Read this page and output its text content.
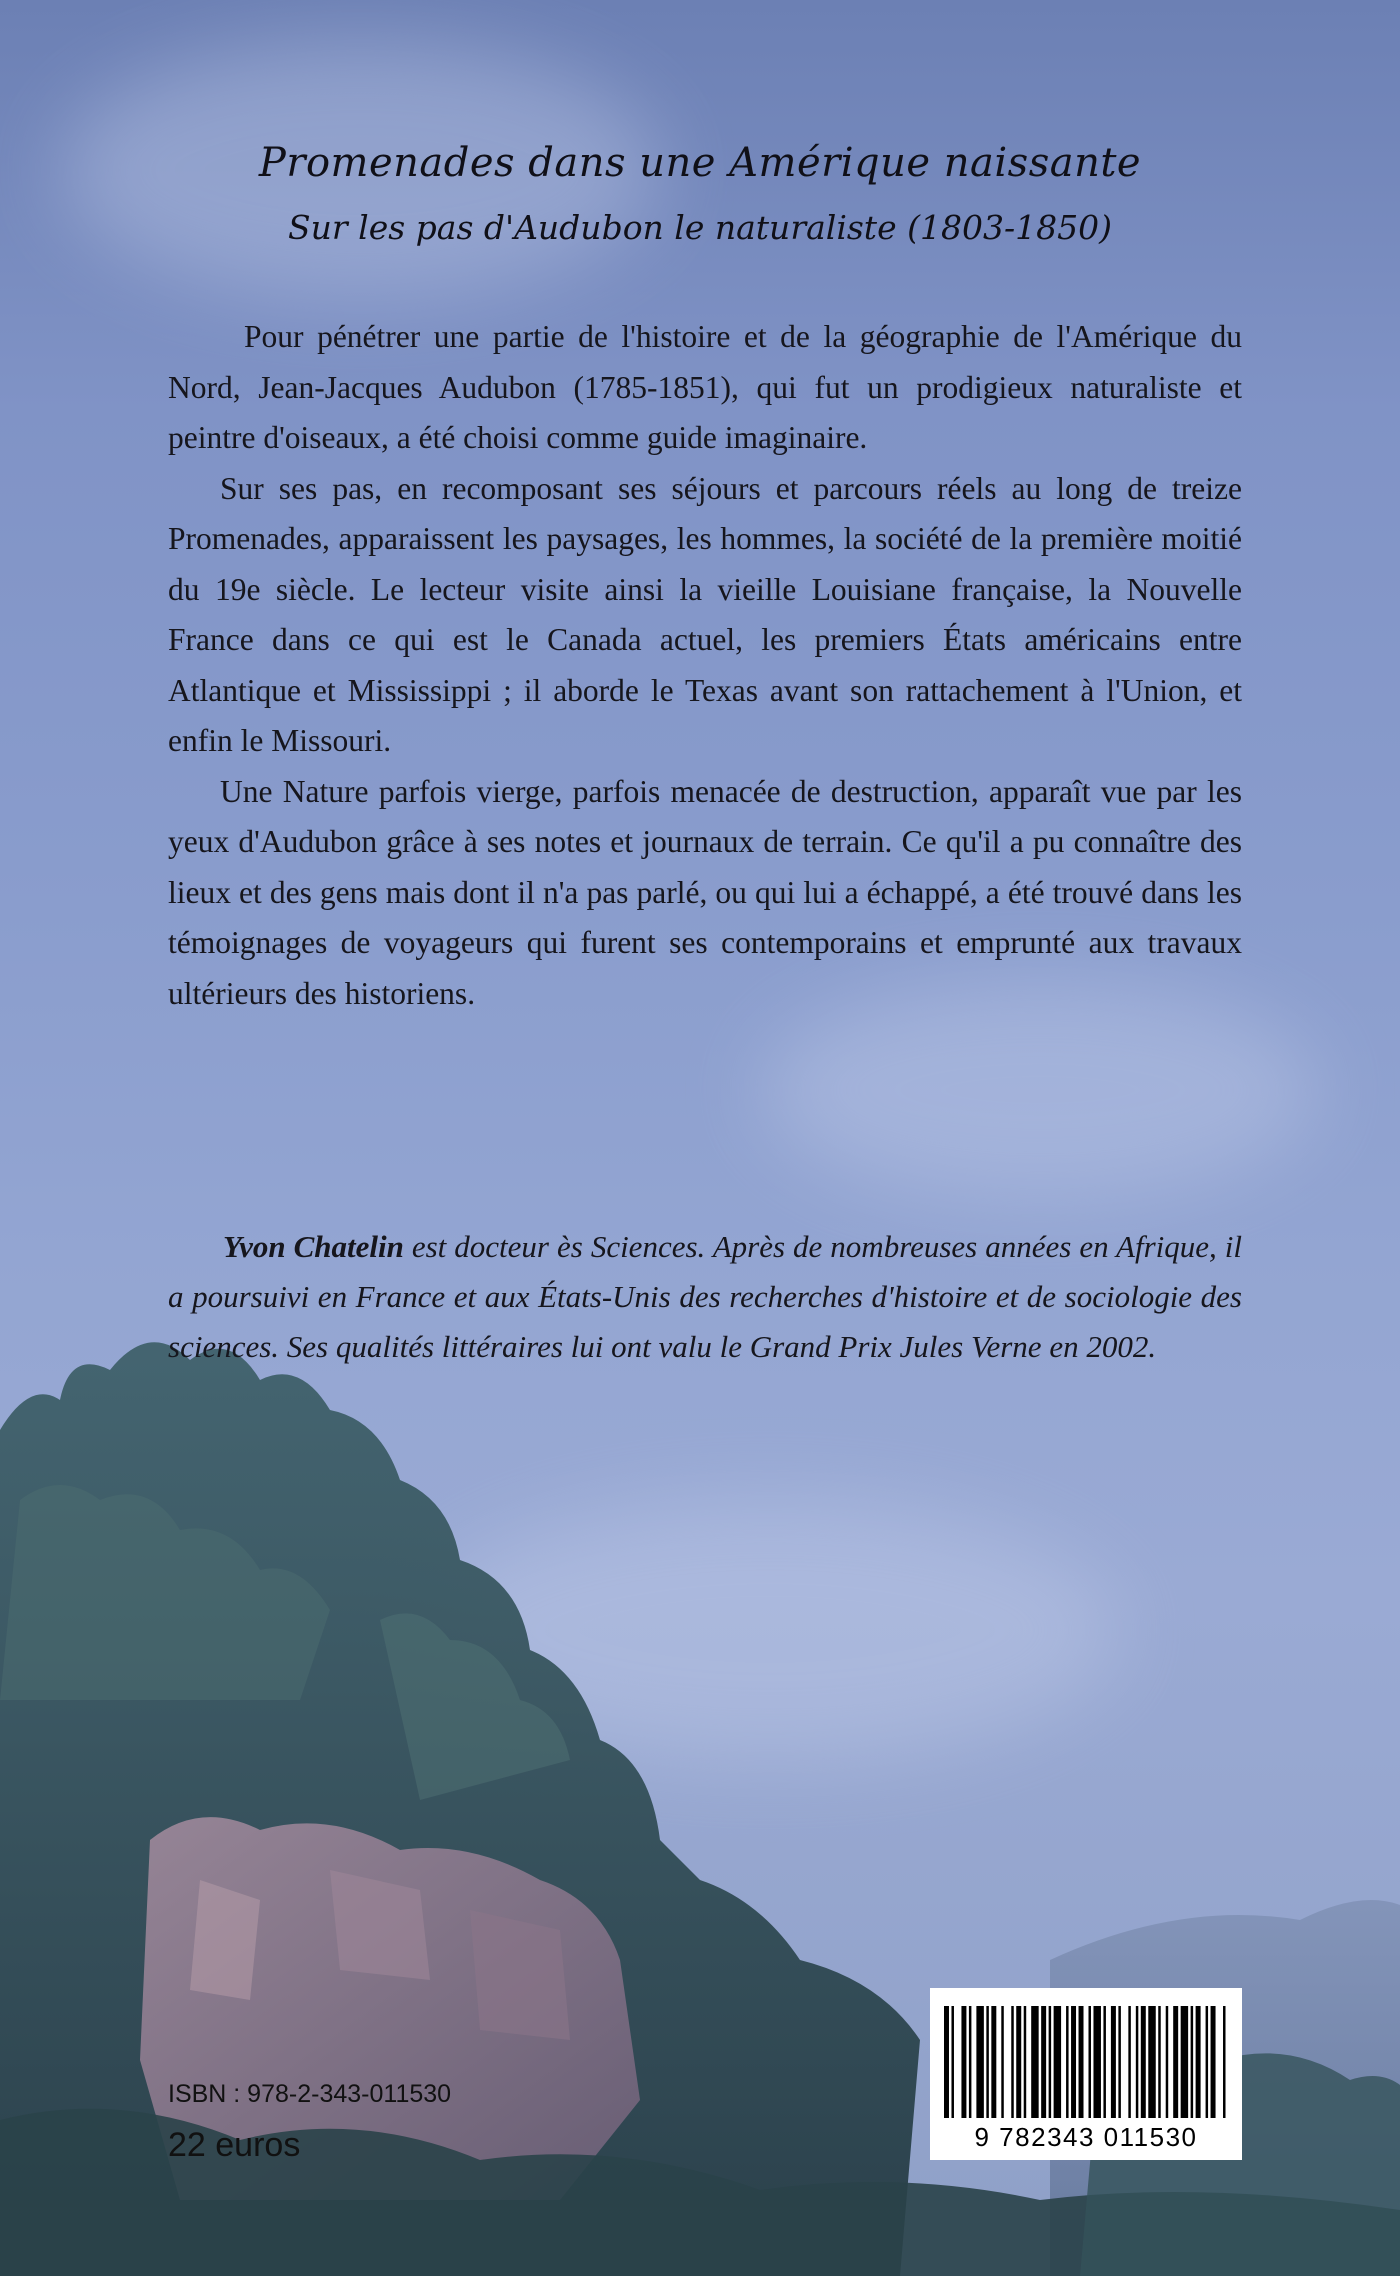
Promenades dans une Amérique naissante
Sur les pas d'Audubon le naturaliste (1803-1850)

Pour pénétrer une partie de l'histoire et de la géographie de l'Amérique du Nord, Jean-Jacques Audubon (1785-1851), qui fut un prodigieux naturaliste et peintre d'oiseaux, a été choisi comme guide imaginaire.

Sur ses pas, en recomposant ses séjours et parcours réels au long de treize Promenades, apparaissent les paysages, les hommes, la société de la première moitié du 19e siècle. Le lecteur visite ainsi la vieille Louisiane française, la Nouvelle France dans ce qui est le Canada actuel, les premiers États américains entre Atlantique et Mississippi ; il aborde le Texas avant son rattachement à l'Union, et enfin le Missouri.

Une Nature parfois vierge, parfois menacée de destruction, apparaît vue par les yeux d'Audubon grâce à ses notes et journaux de terrain. Ce qu'il a pu connaître des lieux et des gens mais dont il n'a pas parlé, ou qui lui a échappé, a été trouvé dans les témoignages de voyageurs qui furent ses contemporains et emprunté aux travaux ultérieurs des historiens.

Yvon Chatelin est docteur ès Sciences. Après de nombreuses années en Afrique, il a poursuivi en France et aux États-Unis des recherches d'histoire et de sociologie des sciences. Ses qualités littéraires lui ont valu le Grand Prix Jules Verne en 2002.
ISBN : 978-2-343-011530
22 euros	9 782343 011530
